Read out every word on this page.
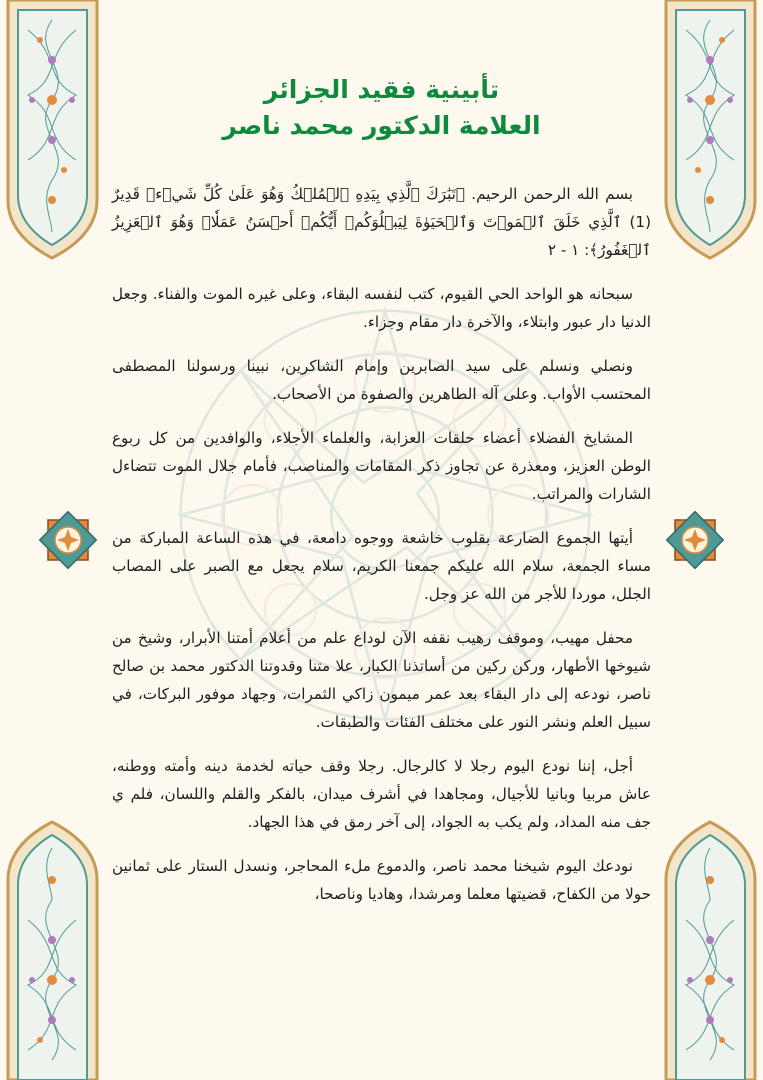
تأبينية فقيد الجزائر
العلامة الدكتور محمد ناصر

بسم الله الرحمن الرحيم. ﴿تَبَٰرَكَ ٱلَّذِي بِيَدِهِ ٱلۡمُلۡكُ وَهُوَ عَلَىٰ كُلِّ شَيۡءٖ قَدِيرٌ (1) ٱلَّذِي خَلَقَ ٱلۡمَوۡتَ وَٱلۡحَيَوٰةَ لِيَبۡلُوَكُمۡ أَيُّكُمۡ أَحۡسَنُ عَمَلٗاۚ وَهُوَ ٱلۡعَزِيزُ ٱلۡغَفُورُ﴾: ١ - ٢

سبحانه هو الواحد الحي القيوم، كتب لنفسه البقاء، وعلى غيره الموت والفناء. وجعل الدنيا دار عبور وابتلاء، والآخرة دار مقام وجزاء.

ونصلي ونسلم على سيد الصابرين وإمام الشاكرين، نبينا ورسولنا المصطفى المحتسب الأواب. وعلى آله الطاهرين والصفوة من الأصحاب.

المشايخ الفضلاء أعضاء حلقات العزابة، والعلماء الأجلاء، والوافدين من كل ربوع الوطن العزيز، ومعذرة عن تجاوز ذكر المقامات والمناصب، فأمام جلال الموت تتضاءل الشارات والمراتب.

أيتها الجموع الضارعة بقلوب خاشعة ووجوه دامعة، في هذه الساعة المباركة من مساء الجمعة، سلام الله عليكم جمعنا الكريم، سلام يجعل مع الصبر على المصاب الجلل، موردا للأجر من الله عز وجل.

محفل مهيب، وموقف رهيب نقفه الآن لوداع علم من أعلام أمتنا الأبرار، وشيخ من شيوخها الأطهار، وركن ركين من أساتذنا الكبار، علا متنا وقدوتنا الدكتور محمد بن صالح ناصر، نودعه إلى دار البقاء بعد عمر ميمون زاكي الثمرات، وجهاد موفور البركات، في سبيل العلم ونشر النور على مختلف الفئات والطبقات.

أجل، إننا نودع اليوم رجلا لا كالرجال. رجلا وقف حياته لخدمة دينه وأمته ووطنه، عاش مربيا وبانيا للأجيال، ومجاهدا في أشرف ميدان، بالفكر والقلم واللسان، فلم ي جف منه المداد، ولم يكب به الجواد، إلى آخر رمق في هذا الجهاد.

نودعك اليوم شيخنا محمد ناصر، والدموع ملء المحاجر، ونسدل الستار على ثمانين حولا من الكفاح، قضيتها معلما ومرشدا، وهاديا وناصحا،
